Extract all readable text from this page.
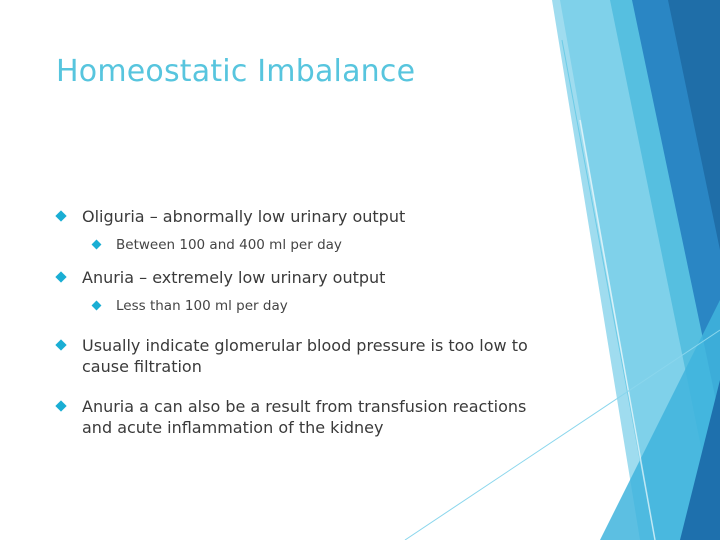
Homeostatic Imbalance
Oliguria – abnormally low urinary output
Between 100 and 400 ml per day
Anuria – extremely low urinary output
Less than 100 ml per day
Usually indicate glomerular blood pressure is too low to cause filtration
Anuria a can also be a result from transfusion reactions and acute inflammation of the kidney
